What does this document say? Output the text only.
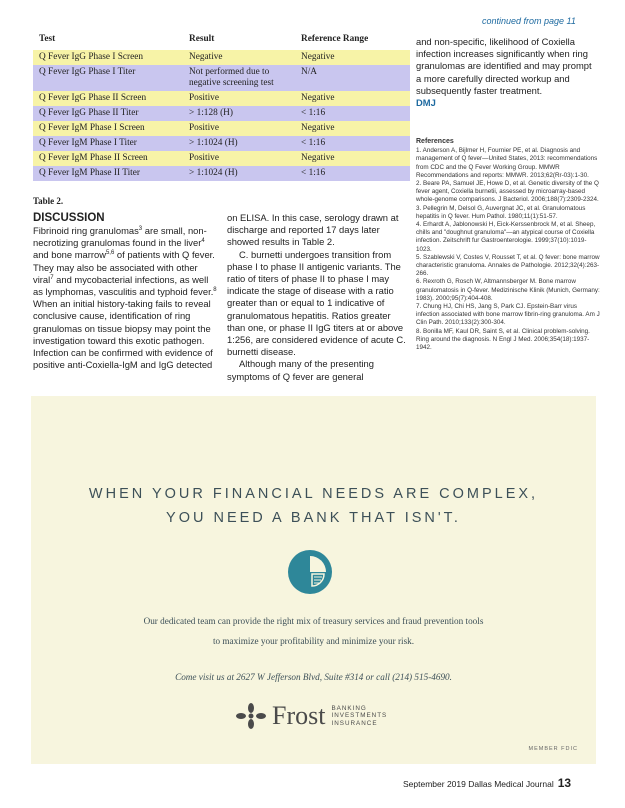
continued from page 11
Test	Result	Reference Range
Q Fever IgG Phase I Screen	Negative	Negative
Q Fever IgG Phase I Titer	Not performed due to negative screening test	N/A
Q Fever IgG Phase II Screen	Positive	Negative
Q Fever IgG Phase II Titer	> 1:128 (H)	< 1:16
Q Fever IgM Phase I Screen	Positive	Negative
Q Fever IgM Phase I Titer	> 1:1024 (H)	< 1:16
Q Fever IgM Phase II Screen	Positive	Negative
Q Fever IgM Phase II Titer	> 1:1024 (H)	< 1:16
Table 2.

DISCUSSION

Fibrinoid ring granulomas$^3$ are small, non-necrotizing granulomas found in the liver$^4$ and bone marrow$^{5,6}$ of patients with Q fever. They may also be associated with other viral$^7$ and mycobacterial infections, as well as lymphomas, vasculitis and typhoid fever.$^8$ When an initial history-taking fails to reveal conclusive cause, identification of ring granulomas on tissue biopsy may point the investigation toward this exotic pathogen. Infection can be confirmed with evidence of positive anti-Coxiella-IgM and IgG detected

on ELISA. In this case, serology drawn at discharge and reported 17 days later showed results in Table 2.

C. burnetti undergoes transition from phase I to phase II antigenic variants. The ratio of titers of phase II to phase I may indicate the stage of disease with a ratio greater than or equal to 1 indicative of granulomatous hepatitis. Ratios greater than one, or phase II IgG titers at or above 1:256, are considered evidence of acute C. burnetti disease.

Although many of the presenting symptoms of Q fever are general

and non-specific, likelihood of Coxiella infection increases significantly when ring granulomas are identified and may prompt a more carefully directed workup and subsequently faster treatment.

DMJ

References

1. Anderson A, Bijlmer H, Fournier PE, et al. Diagnosis and management of Q fever—United States, 2013: recommendations from CDC and the Q Fever Working Group. MMWR Recommendations and reports: MMWR. 2013;62(Rr-03):1-30.

2. Beare PA, Samuel JE, Howe D, et al. Genetic diversity of the Q fever agent, Coxiella burnetii, assessed by microarray-based whole-genome comparisons. J Bacteriol. 2006;188(7):2309-2324.

3. Pellegrin M, Delsol G, Auvergnat JC, et al. Granulomatous hepatitis in Q fever. Hum Pathol. 1980;11(1):51-57.

4. Erhardt A, Jablonowski H, Eick-Kerssenbrock M, et al. Sheep, chills and "doughnut granuloma"—an atypical course of Coxiella infection. Zeitschrift fur Gastroenterologie. 1999;37(10):1019-1023.

5. Szablewski V, Costes V, Rousset T, et al. Q fever: bone marrow characteristic granuloma. Annales de Pathologie. 2012;32(4):263-266.

6. Rexroth G, Rosch W, Altmannsberger M. Bone marrow granulomatosis in Q-fever. Medizinische Klinik (Munich, Germany: 1983). 2000;95(7):404-408.

7. Chung HJ, Chi HS, Jang S, Park CJ. Epstein-Barr virus infection associated with bone marrow fibrin-ring granuloma. Am J Clin Path. 2010;133(2):300-304.

8. Bonilla MF, Kaul DR, Saint S, et al. Clinical problem-solving. Ring around the diagnosis. N Engl J Med. 2006;354(18):1937-1942.

WHEN YOUR FINANCIAL NEEDS ARE COMPLEX,
YOU NEED A BANK THAT ISN'T.
Our dedicated team can provide the right mix of treasury services and fraud prevention tools
to maximize your profitability and minimize your risk.
Come visit us at 2627 W Jefferson Blvd, Suite #314 or call (214) 515-4690.
Frost BANKING
INVESTMENTS
INSURANCE
MEMBER FDIC
September 2019 Dallas Medical Journal 13
